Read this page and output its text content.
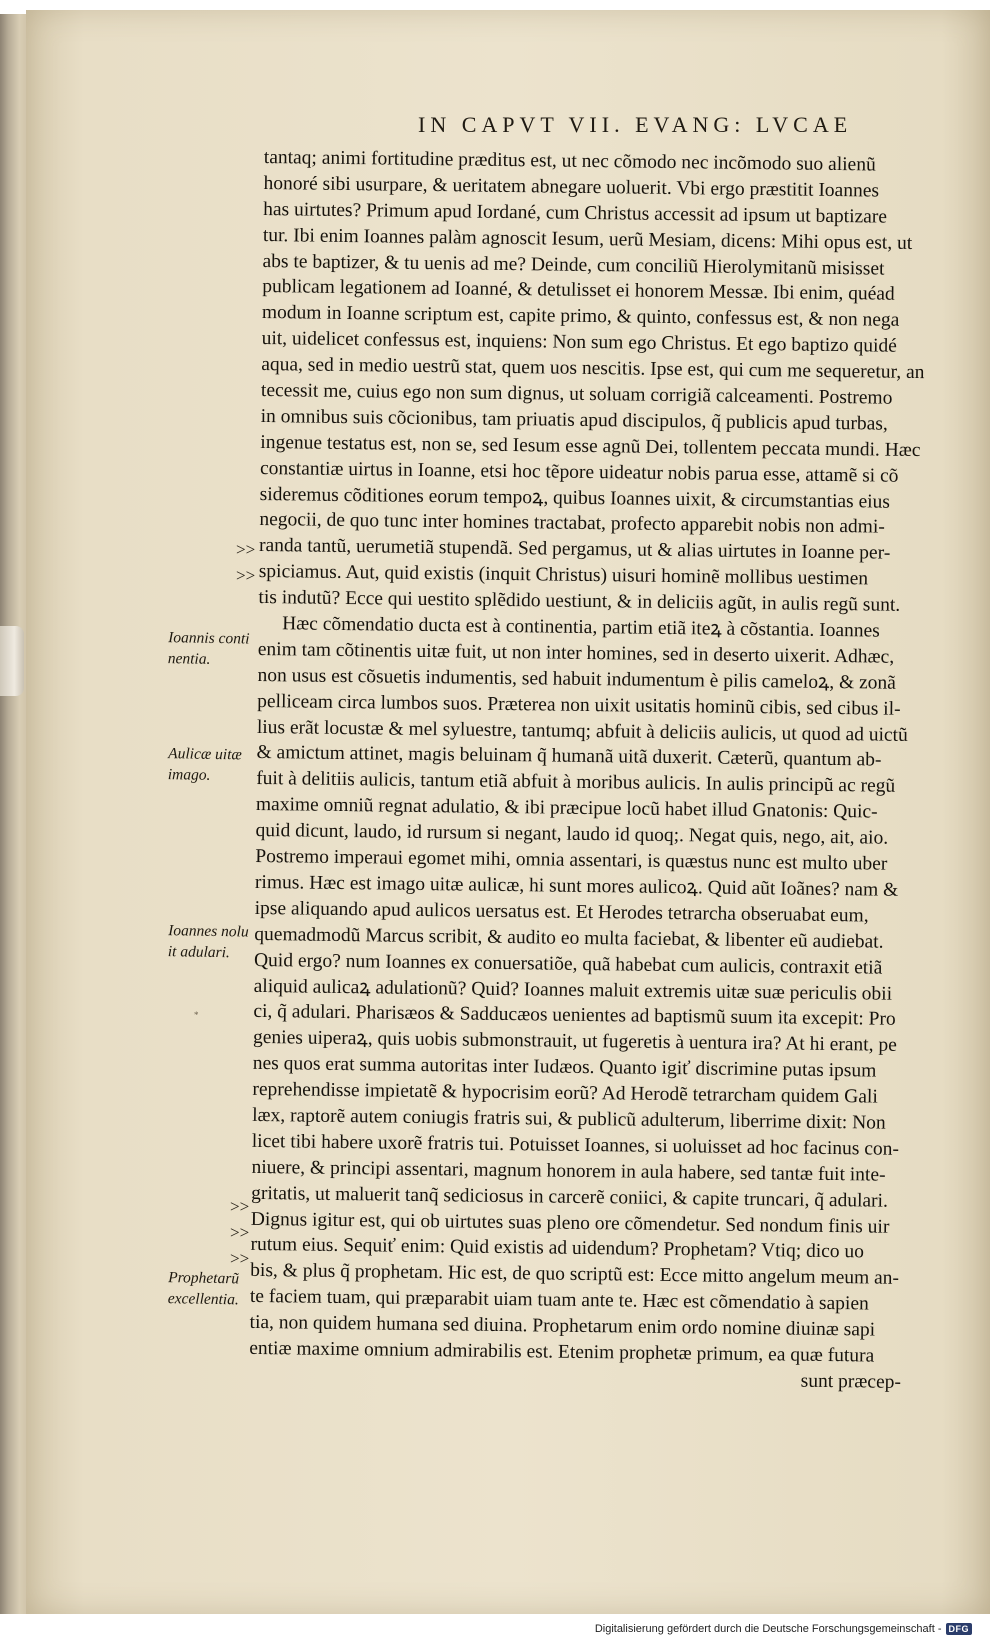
IN CAPVT VII. EVANG: LVCAE
tantaq; animi fortitudine præditus est, ut nec cõmodo nec incõmodo suo alienũ
honoré sibi usurpare, & ueritatem abnegare uoluerit. Vbi ergo præstitit Ioannes
has uirtutes? Primum apud Iordané, cum Christus accessit ad ipsum ut baptizare
tur. Ibi enim Ioannes palàm agnoscit Iesum, uerũ Mesiam, dicens: Mihi opus est, ut
abs te baptizer, & tu uenis ad me? Deinde, cum conciliũ Hierolymitanũ misisset
publicam legationem ad Ioanné, & detulisset ei honorem Messæ. Ibi enim, quéad
modum in Ioanne scriptum est, capite primo, & quinto, confessus est, & non nega
uit, uidelicet confessus est, inquiens: Non sum ego Christus. Et ego baptizo quidé
aqua, sed in medio uestrũ stat, quem uos nescitis. Ipse est, qui cum me sequeretur, an
tecessit me, cuius ego non sum dignus, ut soluam corrigiã calceamenti. Postremo
in omnibus suis cõcionibus, tam priuatis apud discipulos, q̃ publicis apud turbas,
ingenue testatus est, non se, sed Iesum esse agnũ Dei, tollentem peccata mundi. Hæc
constantiæ uirtus in Ioanne, etsi hoc tẽpore uideatur nobis parua esse, attamẽ si cõ
sideremus cõditiones eorum tempoꝝ, quibus Ioannes uixit, & circumstantias eius
negocii, de quo tunc inter homines tractabat, profecto apparebit nobis non admi-
randa tantũ, uerumetiã stupendã. Sed pergamus, ut & alias uirtutes in Ioanne per-
spiciamus. Aut, quid existis (inquit Christus) uisuri hominẽ mollibus uestimen
tis indutũ? Ecce qui uestito splẽdido uestiunt, & in deliciis agũt, in aulis regũ sunt.
Hæc cõmendatio ducta est à continentia, partim etiã iteꝝ à cõstantia. Ioannes
enim tam cõtinentis uitæ fuit, ut non inter homines, sed in deserto uixerit. Adhæc,
non usus est cõsuetis indumentis, sed habuit indumentum è pilis cameloꝝ, & zonã
pelliceam circa lumbos suos. Præterea non uixit usitatis hominũ cibis, sed cibus il-
lius erãt locustæ & mel syluestre, tantumq; abfuit à deliciis aulicis, ut quod ad uictũ
& amictum attinet, magis beluinam q̃ humanã uitã duxerit. Cæterũ, quantum ab-
fuit à delitiis aulicis, tantum etiã abfuit à moribus aulicis. In aulis principũ ac regũ
maxime omniũ regnat adulatio, & ibi præcipue locũ habet illud Gnatonis: Quic-
quid dicunt, laudo, id rursum si negant, laudo id quoq;. Negat quis, nego, ait, aio.
Postremo imperaui egomet mihi, omnia assentari, is quæstus nunc est multo uber
rimus. Hæc est imago uitæ aulicæ, hi sunt mores aulicoꝝ. Quid aũt Ioãnes? nam &
ipse aliquando apud aulicos uersatus est. Et Herodes tetrarcha obseruabat eum,
quemadmodũ Marcus scribit, & audito eo multa faciebat, & libenter eũ audiebat.
Quid ergo? num Ioannes ex conuersatiõe, quã habebat cum aulicis, contraxit etiã
aliquid aulicaꝝ adulationũ? Quid? Ioannes maluit extremis uitæ suæ periculis obii
ci, q̃ adulari. Pharisæos & Sadducæos uenientes ad baptismũ suum ita excepit: Pro
genies uiperaꝝ, quis uobis submonstrauit, ut fugeretis à uentura ira? At hi erant, pe
nes quos erat summa autoritas inter Iudæos. Quanto igiť discrimine putas ipsum
reprehendisse impietatẽ & hypocrisim eorũ? Ad Herodẽ tetrarcham quidem Gali
læx, raptorẽ autem coniugis fratris sui, & publicũ adulterum, liberrime dixit: Non
licet tibi habere uxorẽ fratris tui. Potuisset Ioannes, si uoluisset ad hoc facinus con-
niuere, & principi assentari, magnum honorem in aula habere, sed tantæ fuit inte-
gritatis, ut maluerit tanq̃ sediciosus in carcerẽ coniici, & capite truncari, q̃ adulari.
Dignus igitur est, qui ob uirtutes suas pleno ore cõmendetur. Sed nondum finis uir
rutum eius. Sequiť enim: Quid existis ad uidendum? Prophetam? Vtiq; dico uo
bis, & plus q̃ prophetam. Hic est, de quo scriptũ est: Ecce mitto angelum meum an-
te faciem tuam, qui præparabit uiam tuam ante te. Hæc est cõmendatio à sapien
tia, non quidem humana sed diuina. Prophetarum enim ordo nomine diuinæ sapi
entiæ maxime omnium admirabilis est. Etenim prophetæ primum, ea quæ futura
sunt præcep-
>>
>>
>>
>>
>>
Ioannis conti
nentia.
Aulicæ uitæ
imago.
Ioannes nolu
it adulari.
Prophetarũ
excellentia.
*
Digitalisierung gefördert durch die Deutsche Forschungsgemeinschaft - DFG
